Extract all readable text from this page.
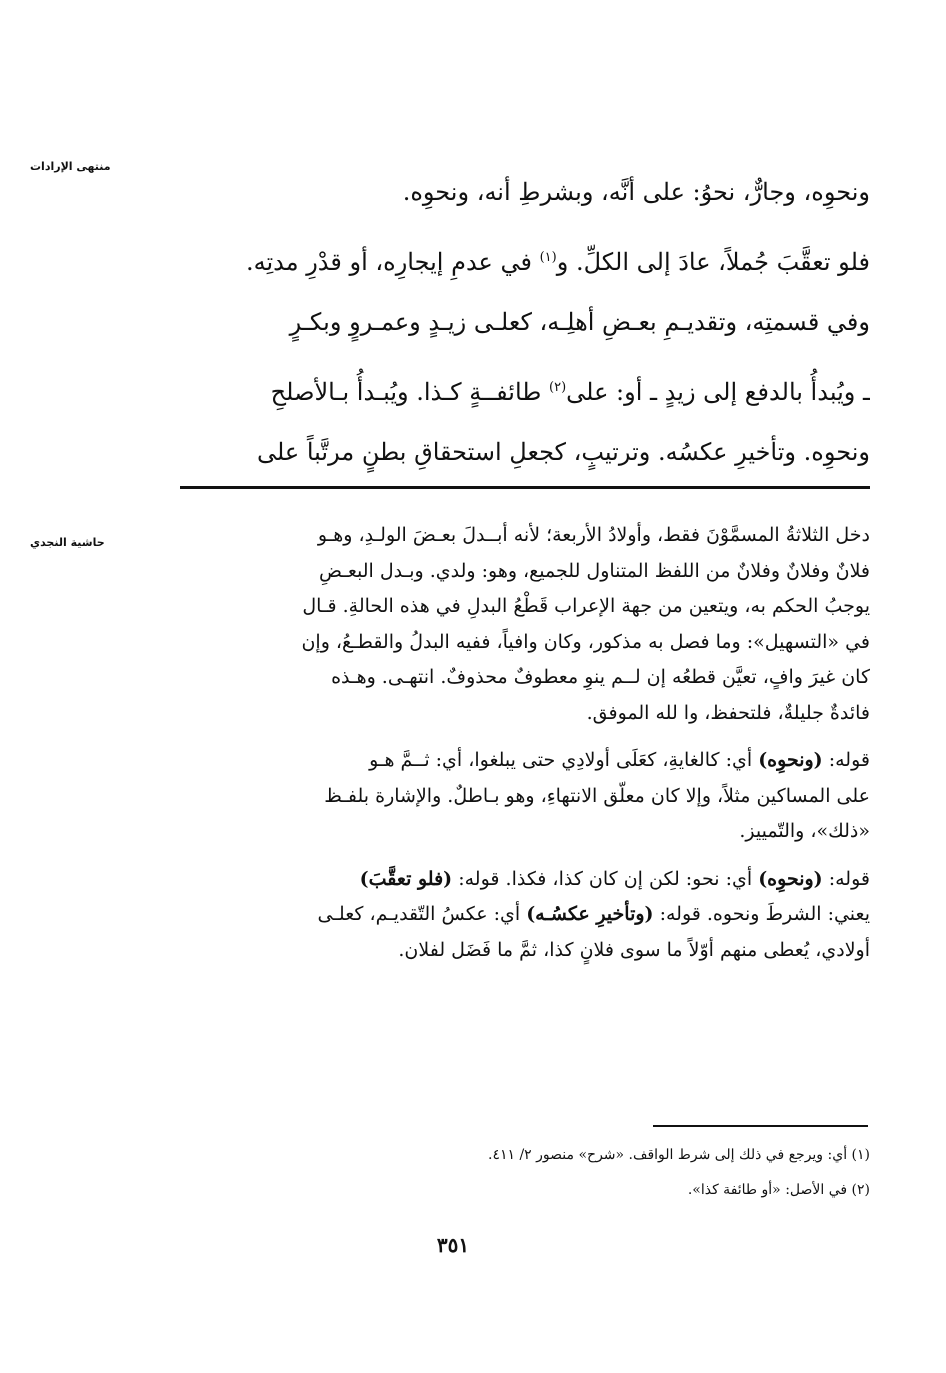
منتهى الإرادات
حاشية النجدي

ونحوِه، وجارٌّ، نحوُ: على أنَّه، وبشرطِ أنه، ونحوِه.

فلو تعقَّبَ جُملاً، عادَ إلى الكلِّ. و$^{(١)}$ في عدمِ إيجارِه، أو قدْرِ مدتِه.

وفي قسمتِه، وتقديـمِ بعـضِ أهلِـه، كعلـى زيـدٍ وعمـروٍ وبكـرٍ

ـ ويُبدأُ بالدفع إلى زيدٍ ـ أو: على$^{(٢)}$ طائفــةٍ كـذا. ويُبـدأُ بـالأصلحِ

ونحوِه. وتأخيرِ عكسُه. وترتيبٍ، كجعلِ استحقاقِ بطنٍ مرتَّباً على

دخل الثلاثةُ المسمَّوْنَ فقط، وأولادُ الأربعة؛ لأنه أبــدلَ بعـضَ الولـدِ، وهـو

فلانٌ وفلانٌ وفلانٌ من اللفظ المتناول للجميع، وهو: ولدي. وبـدل البعـضِ

يوجبُ الحكم به، ويتعين من جهة الإعراب قَطْعُ البدلِ في هذه الحالةِ. قـال

في «التسهيل»: وما فصل به مذكور، وكان وافياً، ففيه البدلُ والقطـعُ، وإن

كان غيرَ وافٍ، تعيَّن قطعُه إن لــم ينوِ معطوفٌ محذوفٌ. انتهـى. وهـذه

فائدةٌ جليلةٌ، فلتحفظ، وا لله الموفق.

قوله: (ونحوِه) أي: كالغايةِ، كعَلَى أولادِي حتى يبلغوا، أي: ثــمَّ هـو

على المساكين مثلاً، وإلا كان معلّق الانتهاءِ، وهو بـاطلٌ. والإشارة بلفـظ

«ذلك»، والتّمييز.

قوله: (ونحوِه) أي: نحو: لكن إن كان كذا، فكذا. قوله: (فلو تعقَّبَ)

يعني: الشرطَ ونحوه. قوله: (وتأخيرِ عكسُـه) أي: عكسُ التّقديـم، كعلـى

أولادي، يُعطى منهم أوّلاً ما سوى فلانٍ كذا، ثمَّ ما فَضَل لفلان.

(١) أي: ويرجع في ذلك إلى شرط الواقف. «شرح» منصور ٢/ ٤١١.

(٢) في الأصل: «أو طائفة كذا».

٣٥١
